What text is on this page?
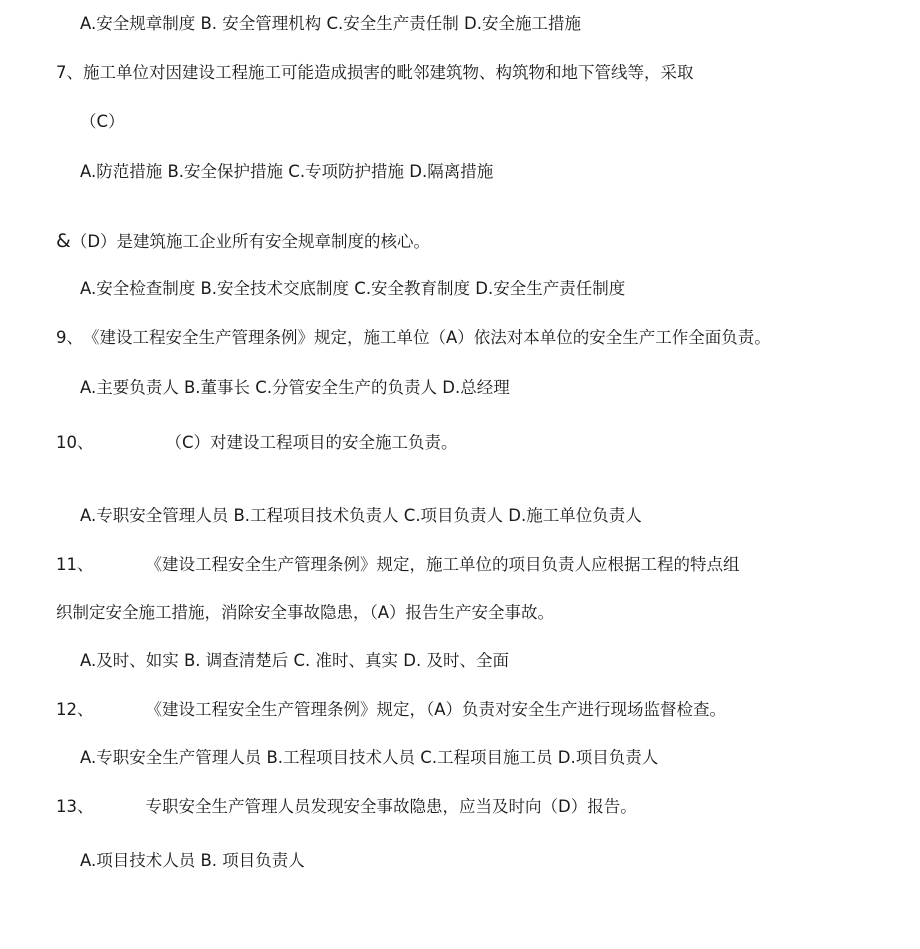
A.安全规章制度 B. 安全管理机构 C.安全生产责任制 D.安全施工措施
7、施工单位对因建设工程施工可能造成损害的毗邻建筑物、构筑物和地下管线等，采取
（C）
A.防范措施 B.安全保护措施 C.专项防护措施 D.隔离措施
&（D）是建筑施工企业所有安全规章制度的核心。
A.安全检查制度 B.安全技术交底制度 C.安全教育制度 D.安全生产责任制度
9、《建设工程安全生产管理条例》规定，施工单位（A）依法对本单位的安全生产工作全面负责。
A.主要负责人 B.董事长 C.分管安全生产的负责人 D.总经理
10、	（C）对建设工程项目的安全施工负责。
A.专职安全管理人员 B.工程项目技术负责人 C.项目负责人 D.施工单位负责人
11、	《建设工程安全生产管理条例》规定，施工单位的项目负责人应根据工程的特点组
织制定安全施工措施，消除安全事故隐患，（A）报告生产安全事故。
A.及时、如实 B. 调查清楚后 C. 准时、真实 D. 及时、全面
12、	《建设工程安全生产管理条例》规定，（A）负责对安全生产进行现场监督检查。
A.专职安全生产管理人员 B.工程项目技术人员 C.工程项目施工员 D.项目负责人
13、	专职安全生产管理人员发现安全事故隐患，应当及时向（D）报告。
A.项目技术人员 B. 项目负责人
